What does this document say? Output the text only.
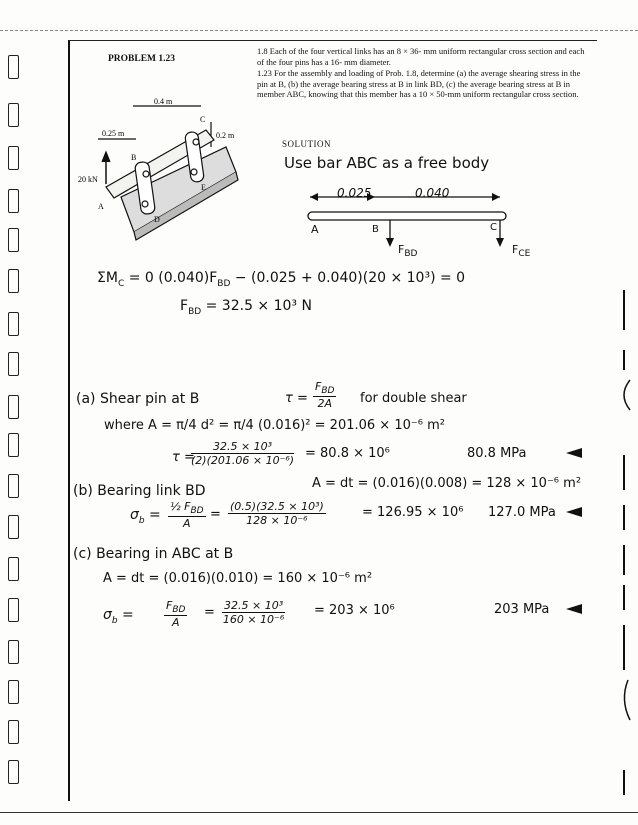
PROBLEM 1.23
1.8 Each of the four vertical links has an 8 × 36- mm uniform rectangular cross section and each of the four pins has a 16- mm diameter.
1.23 For the assembly and loading of Prob. 1.8, determine (a) the average shearing stress in the pin at B, (b) the average bearing stress at B in link BD, (c) the average bearing stress at B in member ABC, knowing that this member has a 10 × 50-mm uniform rectangular cross section.
0.4 m
0.25 m	0.2 m
20 kN
A
B
C
D
E
SOLUTION
Use bar ABC as a free body
0.025	0.040
A	B	C
$F_{BD}$	$F_{CE}$
$\Sigma M_C = 0$ $(0.040)F_{BD} - (0.025 + 0.040)(20 \times 10^3) = 0$
$F_{BD} = 32.5 \times 10^3$ N
(a) Shear pin at B	τ =
$F_{BD}$
2A	for double shear
where A = π/4 d² = π/4 (0.016)² = 201.06 × 10⁻⁶ m²
τ =
$\frac{\text{32.5 × 10³}}{\text{(2)(201.06 × 10⁻⁶)}} = 80.8 \times 10^6$	80.8 MPa
(b) Bearing link BD	A = dt = (0.016)(0.008) = 128 × 10⁻⁶ m²
$\sigma_b$ =
½ $F_{BD}$
A
= $\frac{\text{(0.5)(32.5 × 10³)}}{\text{128 × 10⁻⁶}}$	= 126.95 × 10⁶ 127.0 MPa
(c) Bearing in ABC at B
A = dt = (0.016)(0.010) = 160 × 10⁻⁶ m²
$\sigma_b$ =
$F_{BD}$
A
= $\frac{\text{32.5 × 10³}}{\text{160 × 10⁻⁶}} = 203 \times 10^6$	203 MPa
